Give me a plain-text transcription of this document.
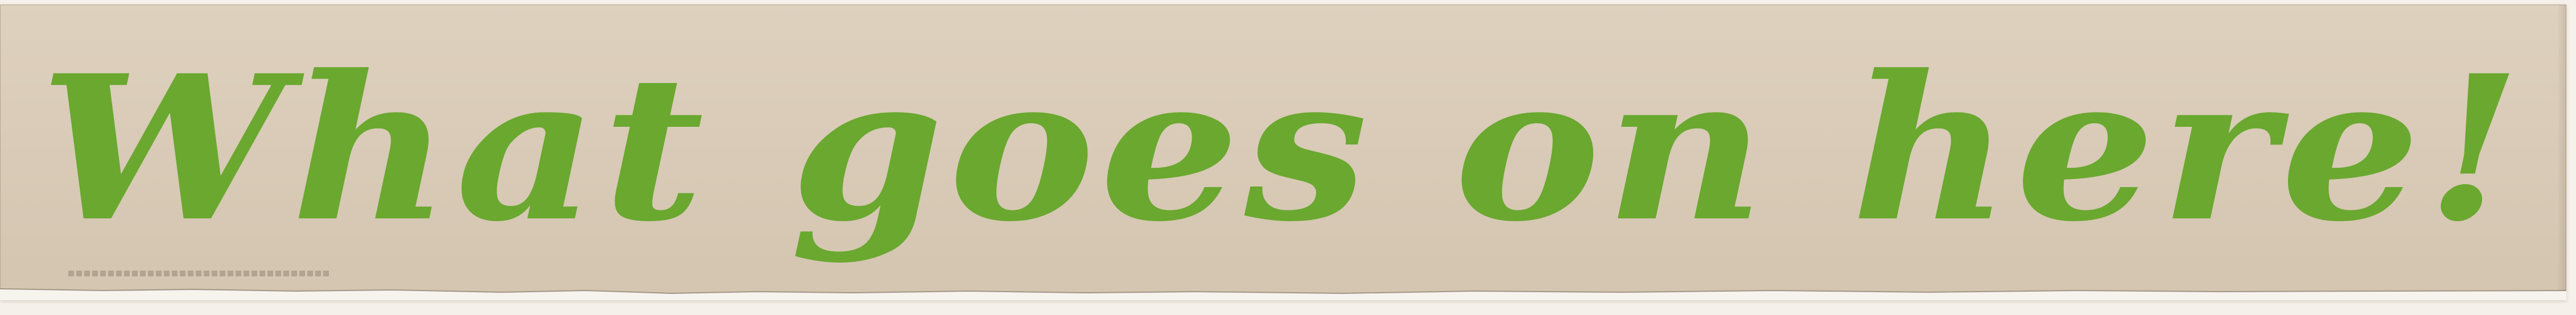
What goes on here!
